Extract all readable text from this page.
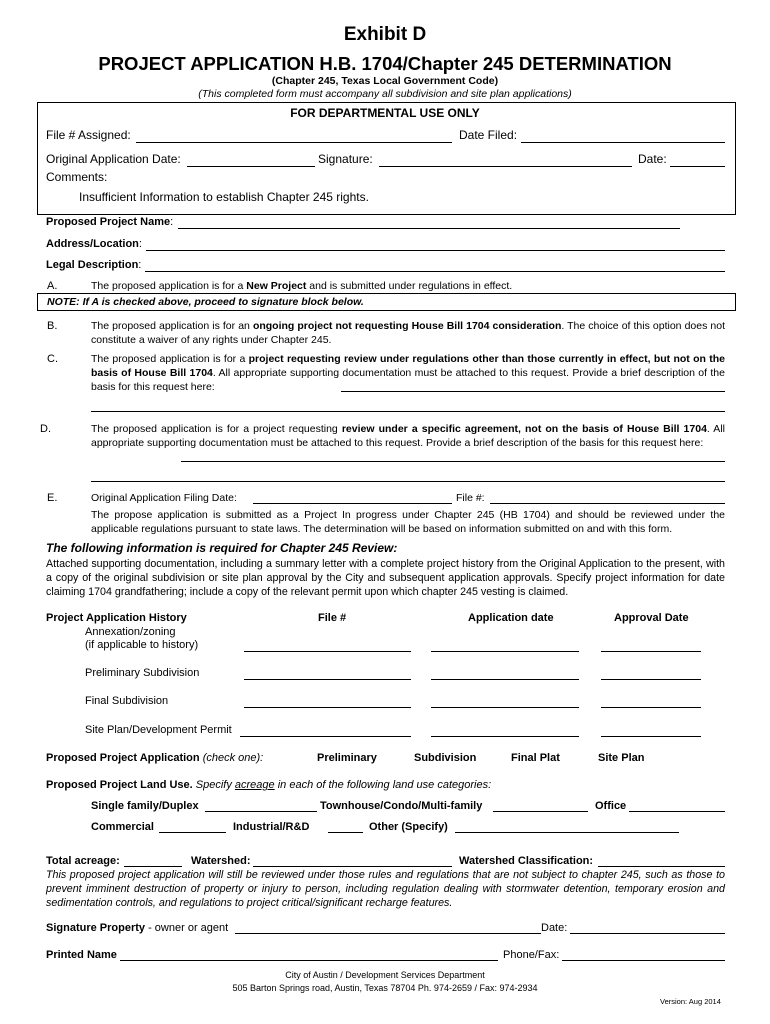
Exhibit D
PROJECT APPLICATION H.B. 1704/Chapter 245 DETERMINATION
(Chapter 245, Texas Local Government Code)
(This completed form must accompany all subdivision and site plan applications)
FOR DEPARTMENTAL USE ONLY
File # Assigned:	Date Filed:
Original Application Date:	Signature:	Date:
Comments:
Insufficient Information to establish Chapter 245 rights.
Proposed Project Name:
Address/Location:
Legal Description:
A.	The proposed application is for a New Project and is submitted under regulations in effect.
NOTE: If A is checked above, proceed to signature block below.
B.	The proposed application is for an ongoing project not requesting House Bill 1704 consideration. The choice of this option does not constitute a waiver of any rights under Chapter 245.
C.	The proposed application is for a project requesting review under regulations other than those currently in effect, but not on the basis of House Bill 1704. All appropriate supporting documentation must be attached to this request. Provide a brief description of the basis for this request here:
D.	The proposed application is for a project requesting review under a specific agreement, not on the basis of House Bill 1704. All appropriate supporting documentation must be attached to this request. Provide a brief description of the basis for this request here:
E.	Original Application Filing Date:	File #:
The propose application is submitted as a Project In progress under Chapter 245 (HB 1704) and should be reviewed under the applicable regulations pursuant to state laws. The determination will be based on information submitted on and with this form.
The following information is required for Chapter 245 Review:
Attached supporting documentation, including a summary letter with a complete project history from the Original Application to the present, with a copy of the original subdivision or site plan approval by the City and subsequent application approvals. Specify project information for date claiming 1704 grandfathering; include a copy of the relevant permit upon which chapter 245 vesting is claimed.
Project Application History	File #	Application date	Approval Date
Annexation/zoning
(if applicable to history)
Preliminary Subdivision
Final Subdivision
Site Plan/Development Permit
Proposed Project Application (check one):	Preliminary	Subdivision	Final Plat	Site Plan
Proposed Project Land Use. Specify acreage in each of the following land use categories:
Single family/Duplex	Townhouse/Condo/Multi-family	Office
Commercial	Industrial/R&D	Other (Specify)
Total acreage:	Watershed:	Watershed Classification:
This proposed project application will still be reviewed under those rules and regulations that are not subject to chapter 245, such as those to prevent imminent destruction of property or injury to person, including regulation dealing with stormwater detention, temporary erosion and sedimentation controls, and regulations to project critical/significant recharge features.
Signature Property - owner or agent	Date:
Printed Name	Phone/Fax:
City of Austin / Development Services Department
505 Barton Springs road, Austin, Texas 78704 Ph. 974-2659 / Fax: 974-2934
Version: Aug 2014
